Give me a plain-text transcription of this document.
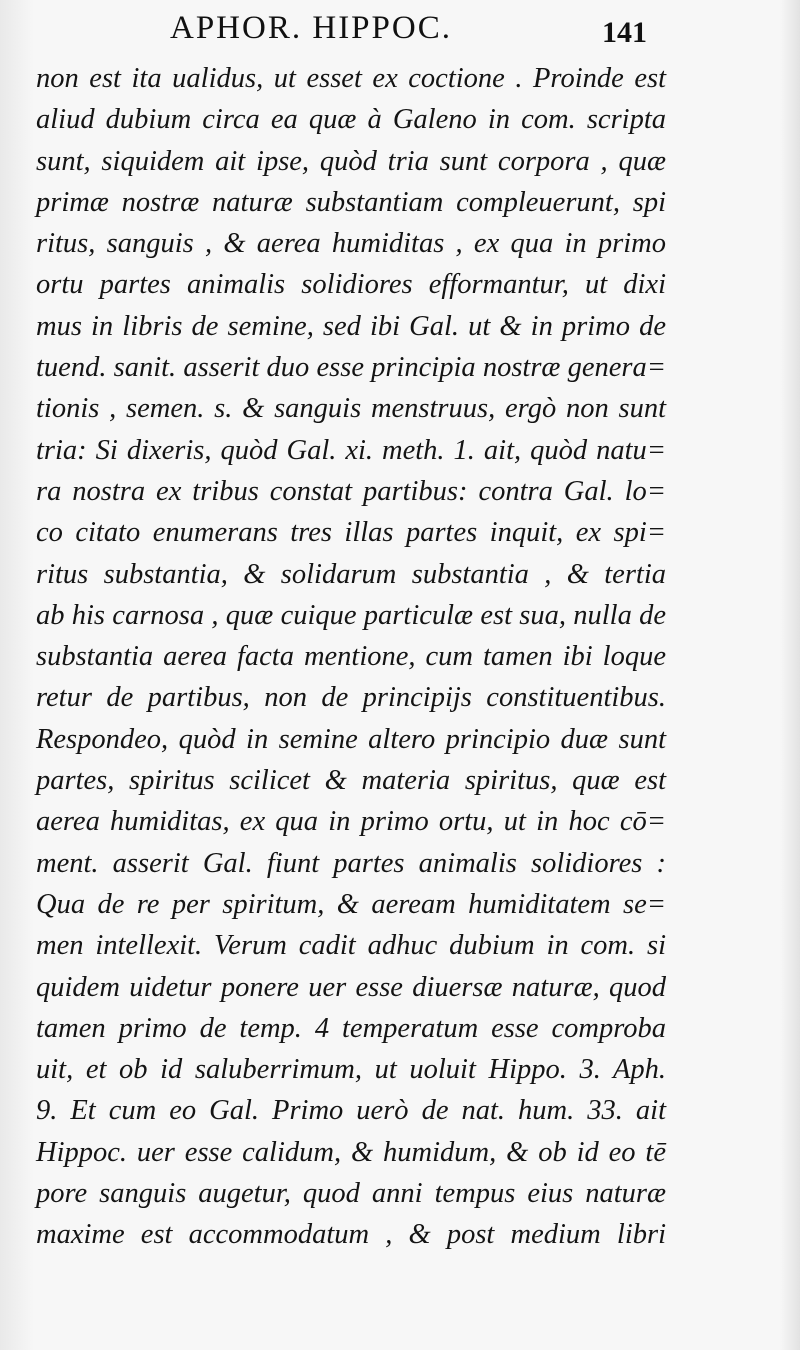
APHOR. HIPPOC.	141
non est ita ualidus, ut esset ex coctione . Proinde est
aliud dubium circa ea quæ à Galeno in com. scripta
sunt, siquidem ait ipse, quòd tria sunt corpora , quæ
primæ nostræ naturæ substantiam compleuerunt, spi
ritus, sanguis , & aerea humiditas , ex qua in primo
ortu partes animalis solidiores efformantur, ut dixi
mus in libris de semine, sed ibi Gal. ut & in primo de
tuend. sanit. asserit duo esse principia nostræ genera=
tionis , semen. s. & sanguis menstruus, ergò non sunt
tria: Si dixeris, quòd Gal. xi. meth. 1. ait, quòd natu=
ra nostra ex tribus constat partibus: contra Gal. lo=
co citato enumerans tres illas partes inquit, ex spi=
ritus substantia, & solidarum substantia , & tertia
ab his carnosa , quæ cuique particulæ est sua, nulla de
substantia aerea facta mentione, cum tamen ibi loque
retur de partibus, non de principijs constituentibus.
Respondeo, quòd in semine altero principio duæ sunt
partes, spiritus scilicet & materia spiritus, quæ est
aerea humiditas, ex qua in primo ortu, ut in hoc cō=
ment. asserit Gal. fiunt partes animalis solidiores :
Qua de re per spiritum, & aeream humiditatem se=
men intellexit. Verum cadit adhuc dubium in com. si
quidem uidetur ponere uer esse diuersæ naturæ, quod
tamen primo de temp. 4 temperatum esse comproba
uit, et ob id saluberrimum, ut uoluit Hippo. 3. Aph.
9. Et cum eo Gal. Primo uerò de nat. hum. 33. ait
Hippoc. uer esse calidum, & humidum, & ob id eo tē
pore sanguis augetur, quod anni tempus eius naturæ
maxime est accommodatum , & post medium libri
